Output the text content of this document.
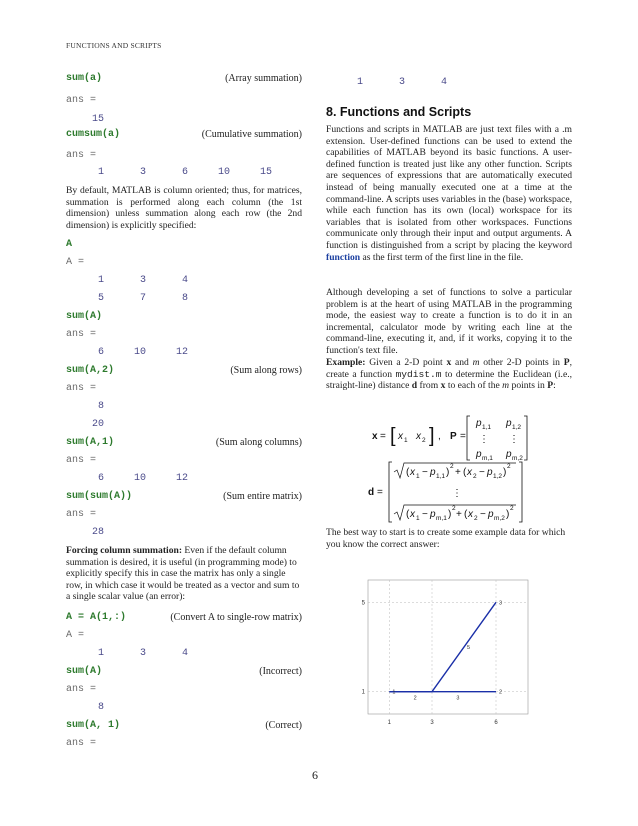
FUNCTIONS AND SCRIPTS
sum(a)	(Array summation)
ans =
15
cumsum(a)	(Cumulative summation)
ans =
1      3      6     10     15
By default, MATLAB is column oriented; thus, for matrices, summation is performed along each column (the 1st dimension) unless summation along each row (the 2nd dimension) is explicitly specified:
A
A =
1      3      4
5      7      8
sum(A)
ans =
6     10     12
sum(A,2)	(Sum along rows)
ans =
8
20
sum(A,1)	(Sum along columns)
ans =
6     10     12
sum(sum(A))	(Sum entire matrix)
ans =
28
Forcing column summation: Even if the default column summation is desired, it is useful (in programming mode) to explicitly specify this in case the matrix has only a single row, in which case it would be treated as a vector and sum to a single scalar value (an error):
A = A(1,:)	(Convert A to single-row matrix)
A =
1      3      4
sum(A)	(Incorrect)
ans =
8
sum(A, 1)	(Correct)
ans =
1      3      4
8. Functions and Scripts
Functions and scripts in MATLAB are just text files with a .m extension. User-defined functions can be used to extend the capabilities of MATLAB beyond its basic functions. A user-defined function is treated just like any other function. Scripts are sequences of expressions that are automatically executed instead of being manually executed one at a time at the command-line. A scripts uses variables in the (base) workspace, while each function has its own (local) workspace for its variables that is isolated from other workspaces. Functions communicate only through their input and output arguments. A function is distinguished from a script by placing the keyword function as the first term of the first line in the file.
Although developing a set of functions to solve a particular problem is at the heart of using MATLAB in the programming mode, the easiest way to create a function is to do it in an incremental, calculator mode by writing each line at the command-line, executing it, and, if it works, copying it to the function's text file.
Example: Given a 2-D point x and m other 2-D points in P, create a function mydist.m to determine the Euclidean (i.e., straight-line) distance d from x to each of the m points in P:
x = [ x 1 x 2 ] , P =
p 1,1 p 1,2
⋮ ⋮
p m,1 p m,2
d =
( x 1 − p 1,1 )
2
+ ( x 2 − p 1,2 )
2
⋮
( x 1 − p m,1 )
2
+ ( x 2 − p m,2 )
2
The best way to start is to create some example data for which you know the correct answer:
1	3	6
1
5
1
3
2
2	3
5
6
